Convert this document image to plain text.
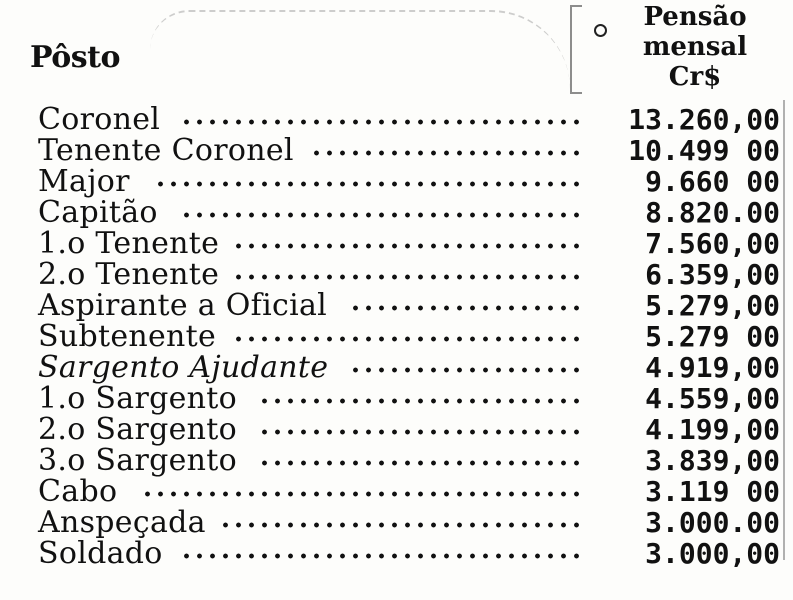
Pôsto
Pensão
mensal
Cr$
Coronel	13.260,00
Tenente Coronel	10.499 00
Major	9.660 00
Capitão	8.820.00
1.o Tenente	7.560,00
2.o Tenente	6.359,00
Aspirante a Oficial	5.279,00
Subtenente	5.279 00
Sargento Ajudante	4.919,00
1.o Sargento	4.559,00
2.o Sargento	4.199,00
3.o Sargento	3.839,00
Cabo	3.119 00
Anspeçada	3.000.00
Soldado	3.000,00
